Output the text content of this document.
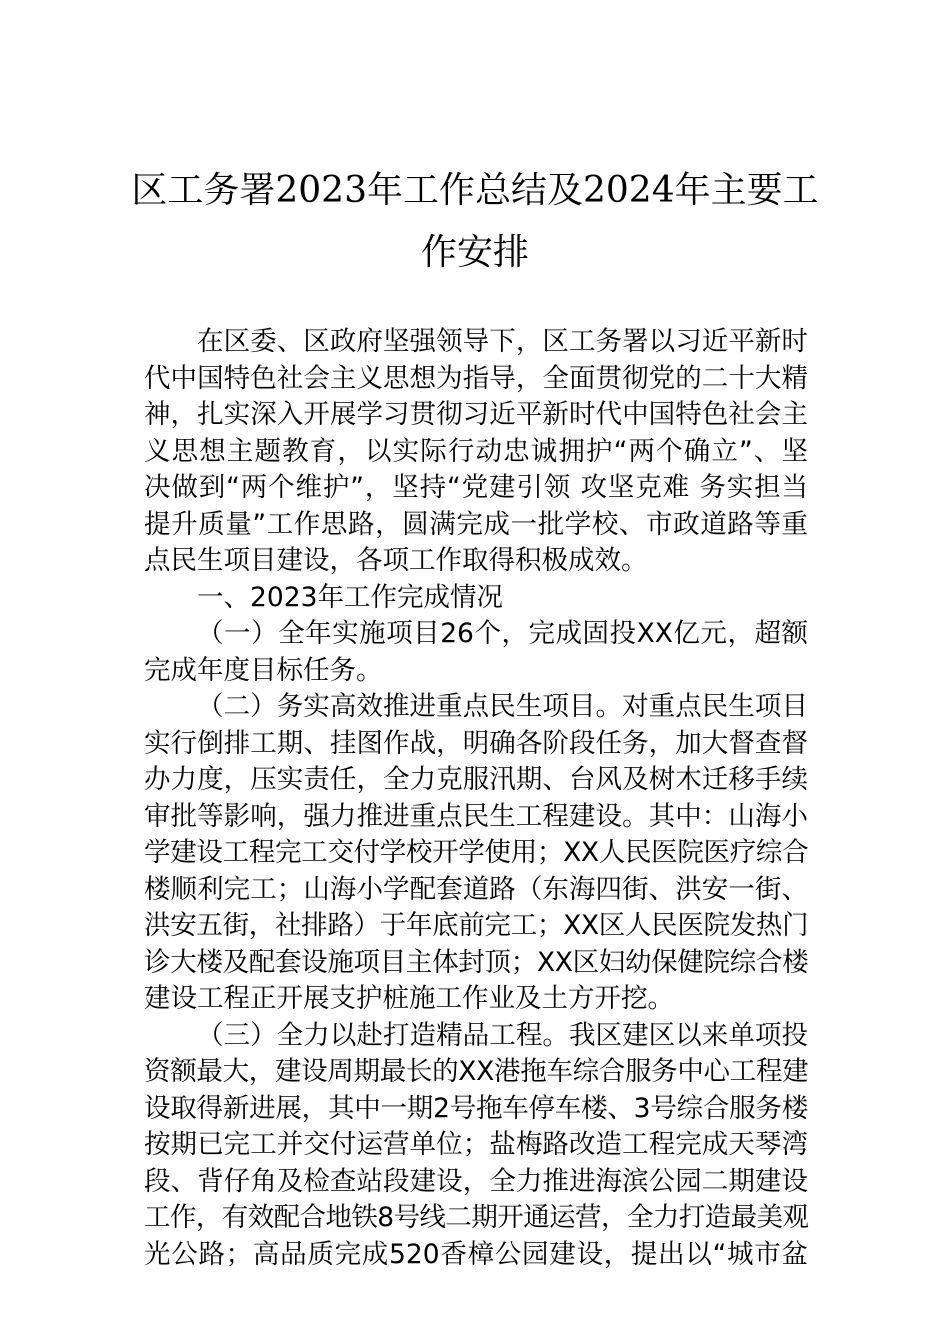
区工务署2023年工作总结及2024年主要工
作安排
在区委、区政府坚强领导下，区工务署以习近平新时
代中国特色社会主义思想为指导，全面贯彻党的二十大精
神，扎实深入开展学习贯彻习近平新时代中国特色社会主
义思想主题教育，以实际行动忠诚拥护“两个确立”、坚
决做到“两个维护”，坚持“党建引领 攻坚克难 务实担当
提升质量”工作思路，圆满完成一批学校、市政道路等重
点民生项目建设，各项工作取得积极成效。
一、2023年工作完成情况
（一）全年实施项目26个，完成固投XX亿元，超额
完成年度目标任务。
（二）务实高效推进重点民生项目。对重点民生项目
实行倒排工期、挂图作战，明确各阶段任务，加大督查督
办力度，压实责任，全力克服汛期、台风及树木迁移手续
审批等影响，强力推进重点民生工程建设。其中：山海小
学建设工程完工交付学校开学使用；XX人民医院医疗综合
楼顺利完工；山海小学配套道路（东海四街、洪安一街、
洪安五街，社排路）于年底前完工；XX区人民医院发热门
诊大楼及配套设施项目主体封顶；XX区妇幼保健院综合楼
建设工程正开展支护桩施工作业及土方开挖。
（三）全力以赴打造精品工程。我区建区以来单项投
资额最大，建设周期最长的XX港拖车综合服务中心工程建
设取得新进展，其中一期2号拖车停车楼、3号综合服务楼
按期已完工并交付运营单位；盐梅路改造工程完成天琴湾
段、背仔角及检查站段建设，全力推进海滨公园二期建设
工作，有效配合地铁8号线二期开通运营，全力打造最美观
光公路；高品质完成520香樟公园建设，提出以“城市盆
